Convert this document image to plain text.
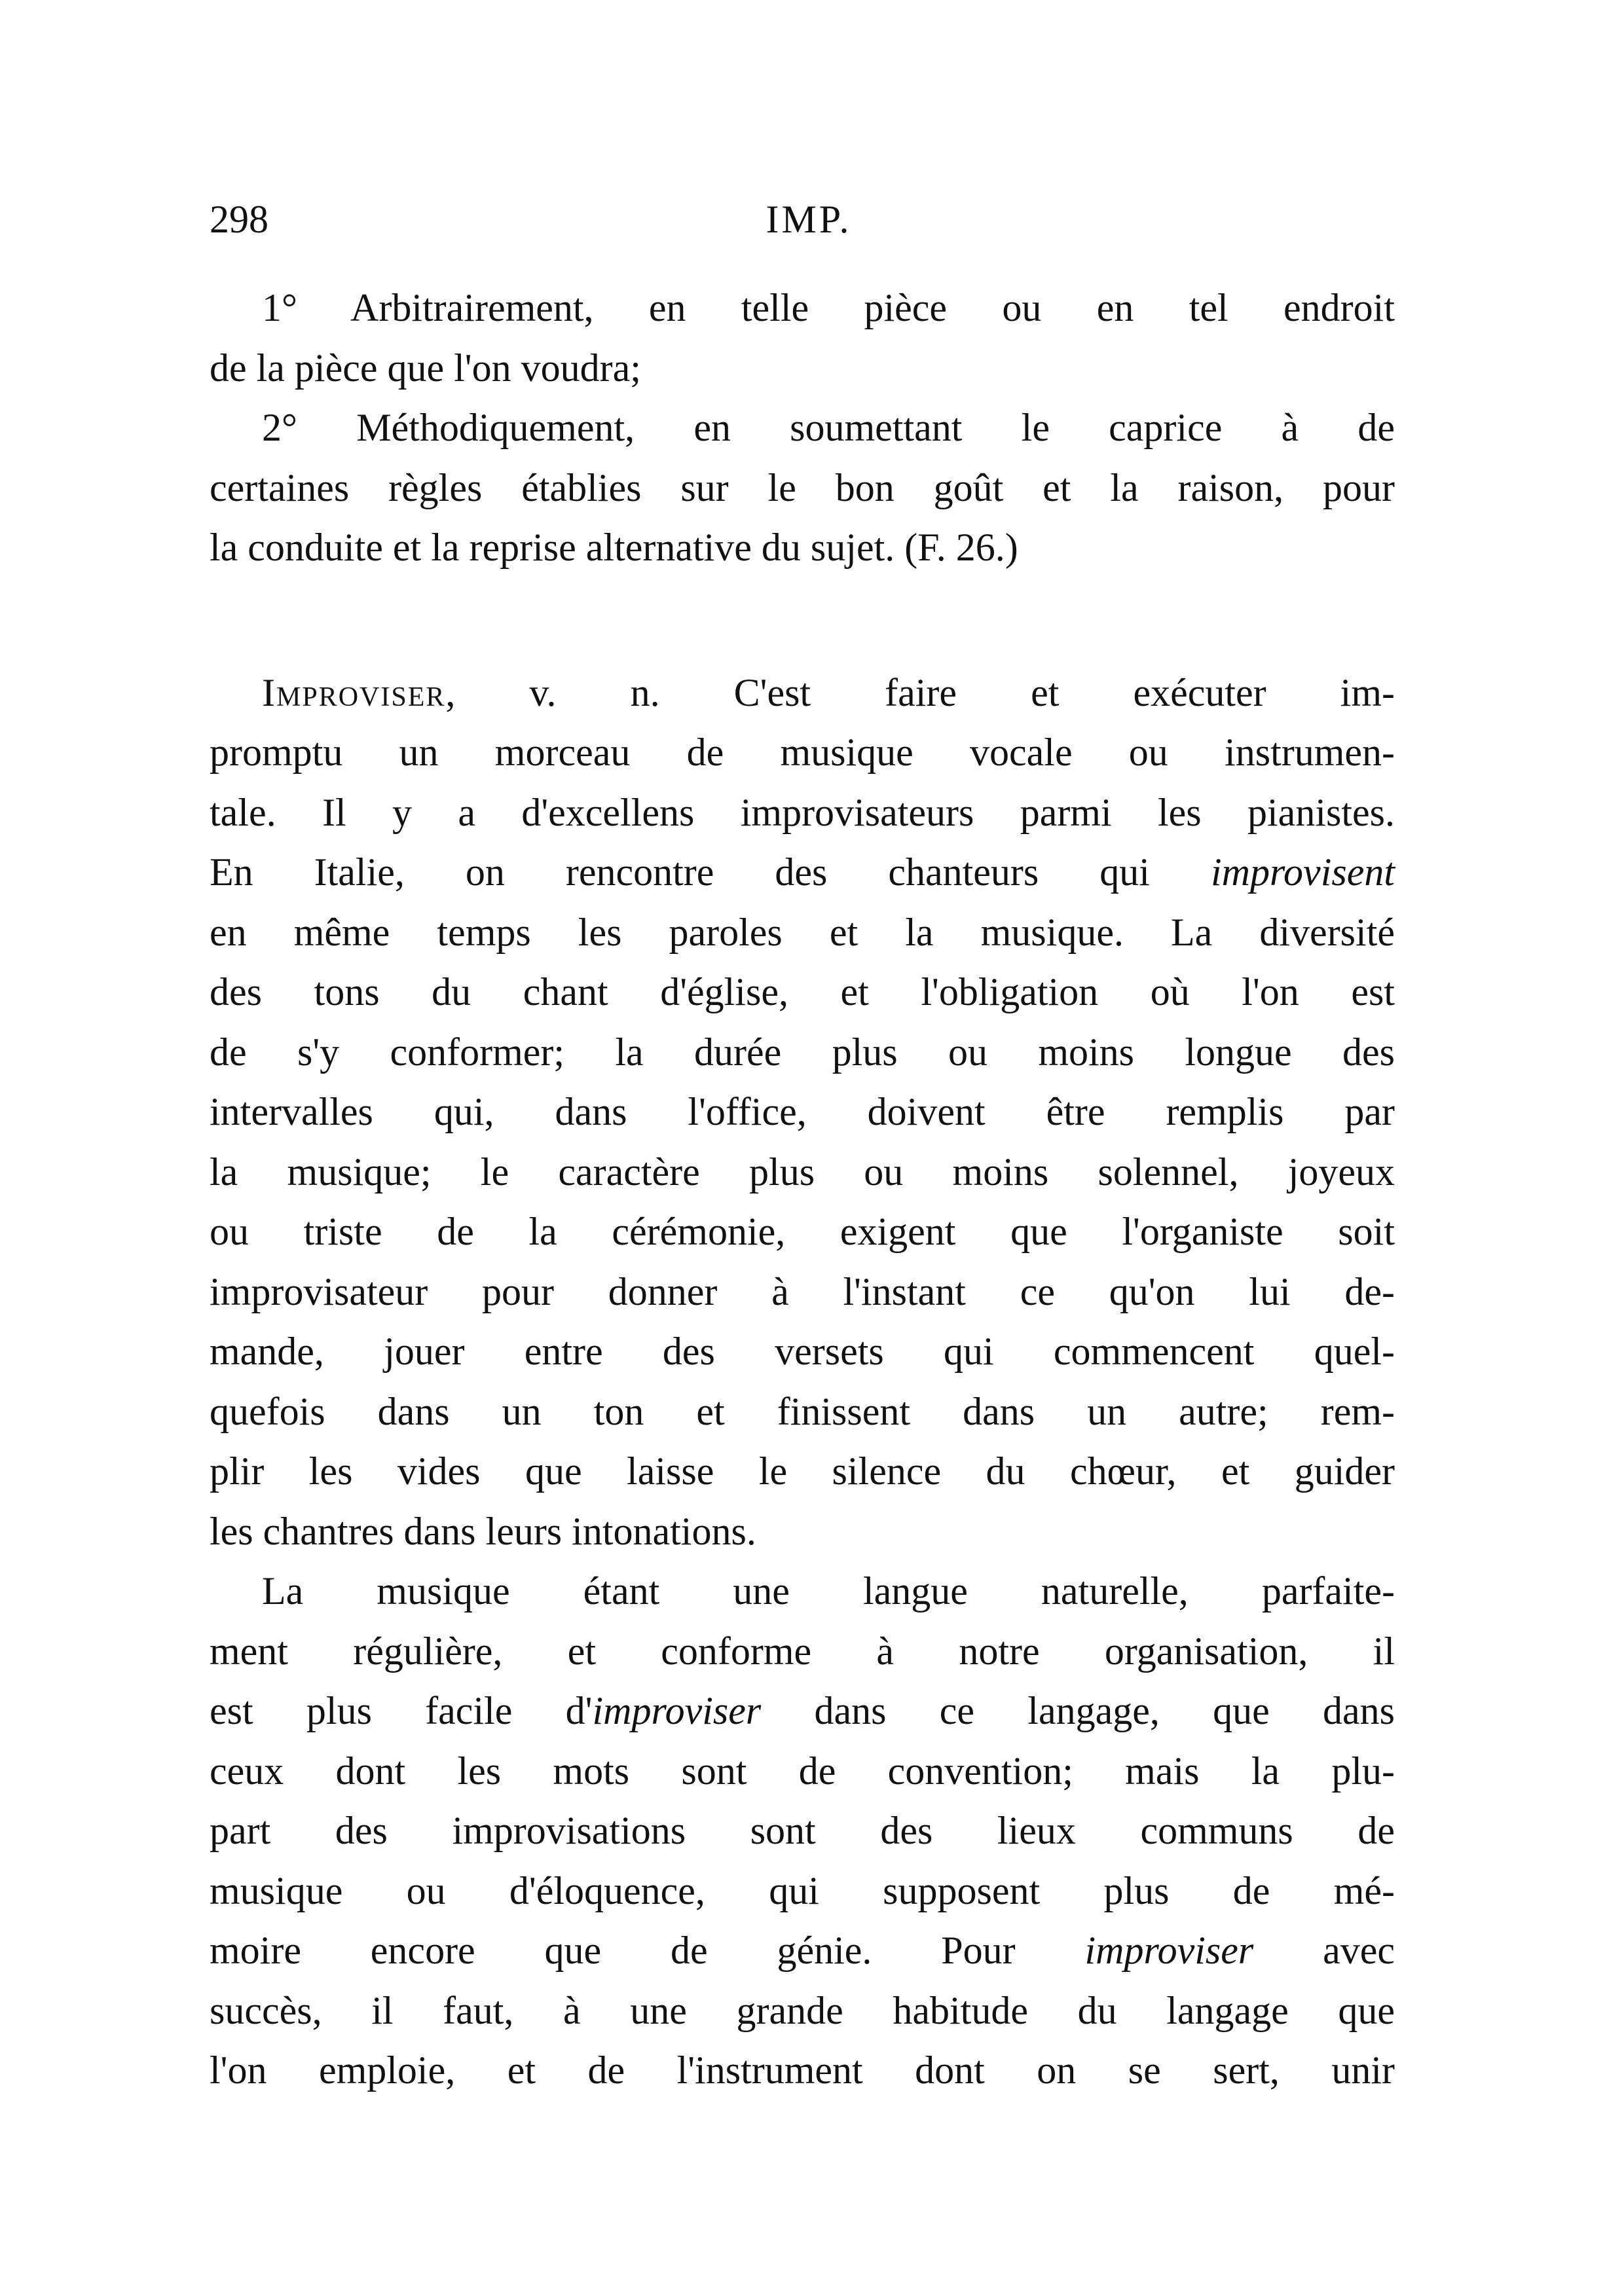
298	IMP.
1° Arbitrairement, en telle pièce ou en tel endroit
de la pièce que l'on voudra;
2° Méthodiquement, en soumettant le caprice à de
certaines règles établies sur le bon goût et la raison, pour
la conduite et la reprise alternative du sujet. (F. 26.)
Improviser, v. n. C'est faire et exécuter im-
promptu un morceau de musique vocale ou instrumen-
tale. Il y a d'excellens improvisateurs parmi les pianistes.
En Italie, on rencontre des chanteurs qui improvisent
en même temps les paroles et la musique. La diversité
des tons du chant d'église, et l'obligation où l'on est
de s'y conformer; la durée plus ou moins longue des
intervalles qui, dans l'office, doivent être remplis par
la musique; le caractère plus ou moins solennel, joyeux
ou triste de la cérémonie, exigent que l'organiste soit
improvisateur pour donner à l'instant ce qu'on lui de-
mande, jouer entre des versets qui commencent quel-
quefois dans un ton et finissent dans un autre; rem-
plir les vides que laisse le silence du chœur, et guider
les chantres dans leurs intonations.
La musique étant une langue naturelle, parfaite-
ment régulière, et conforme à notre organisation, il
est plus facile d'improviser dans ce langage, que dans
ceux dont les mots sont de convention; mais la plu-
part des improvisations sont des lieux communs de
musique ou d'éloquence, qui supposent plus de mé-
moire encore que de génie. Pour improviser avec
succès, il faut, à une grande habitude du langage que
l'on emploie, et de l'instrument dont on se sert, unir
